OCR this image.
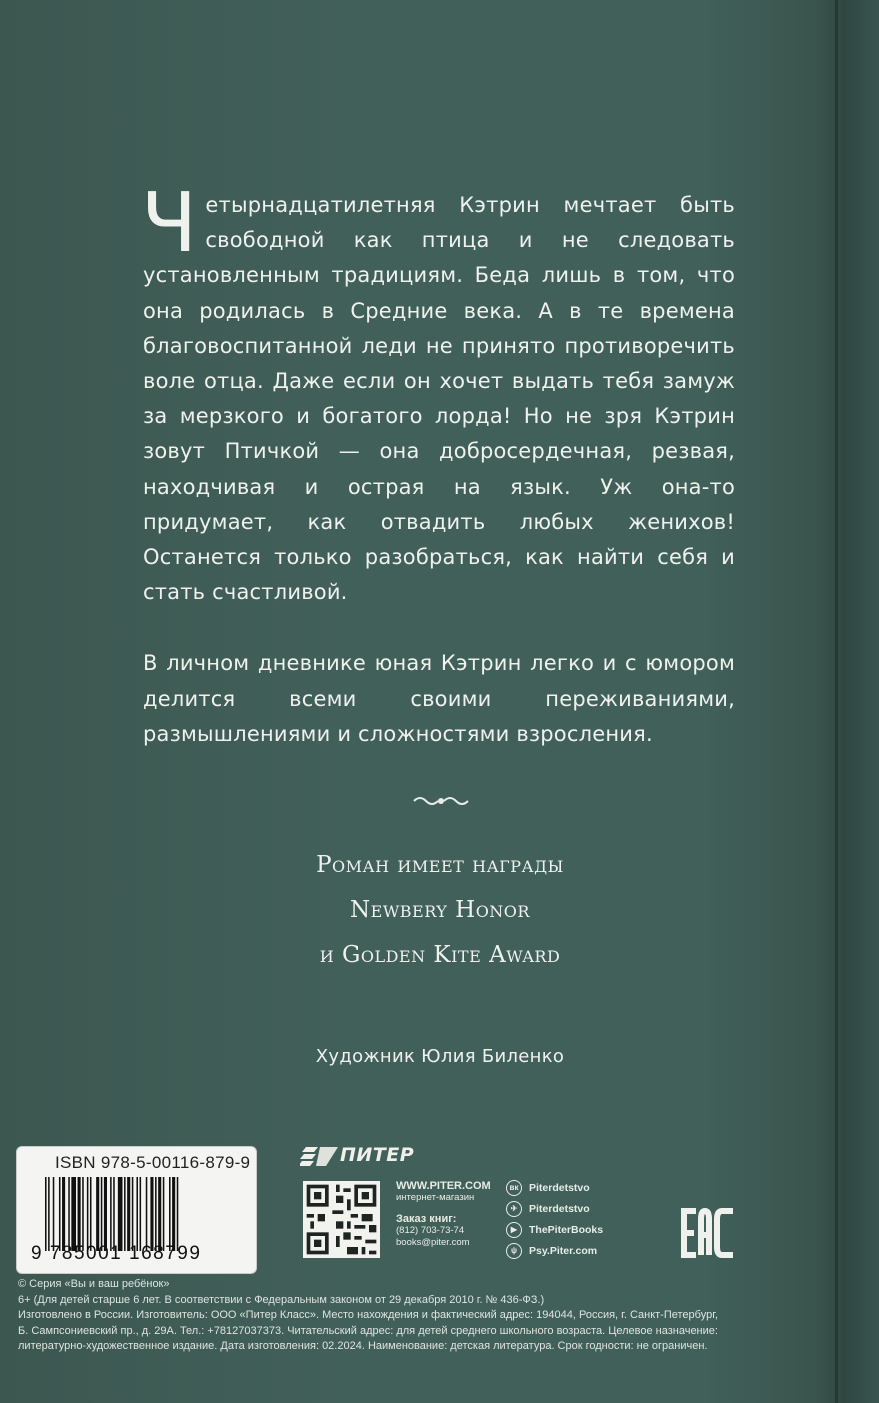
Четырнадцатилетняя Кэтрин мечтает быть свободной как птица и не следовать установленным традициям. Беда лишь в том, что она родилась в Средние века. А в те времена благовоспитанной леди не принято противоречить воле отца. Даже если он хочет выдать тебя замуж за мерзкого и богатого лорда! Но не зря Кэтрин зовут Птичкой — она добросердечная, резвая, находчивая и острая на язык. Уж она-то придумает, как отвадить любых женихов! Останется только разобраться, как найти себя и стать счастливой.

В личном дневнике юная Кэтрин легко и с юмором делится всеми своими переживаниями, размышлениями и сложностями взросления.

Роман имеет награды
Newbery Honor
и Golden Kite Award
Художник Юлия Биленко
ISBN 978-5-00116-879-9
9 785001 168799
ПИТЕР
WWW.PITER.COM
интернет-магазин
Заказ книг:
(812) 703-73-74
books@piter.com
вк	Piterdetstvo
✈	Piterdetstvo
▶	ThePiterBooks
ψ	Psy.Piter.com
© Серия «Вы и ваш ребёнок»
6+ (Для детей старше 6 лет. В соответствии с Федеральным законом от 29 декабря 2010 г. № 436-ФЗ.)
Изготовлено в России. Изготовитель: ООО «Питер Класс». Место нахождения и фактический адрес: 194044, Россия, г. Санкт-Петербург,
Б. Сампсониевский пр., д. 29А. Тел.: +78127037373. Читательский адрес: для детей среднего школьного возраста. Целевое назначение:
литературно-художественное издание. Дата изготовления: 02.2024. Наименование: детская литература. Срок годности: не ограничен.
